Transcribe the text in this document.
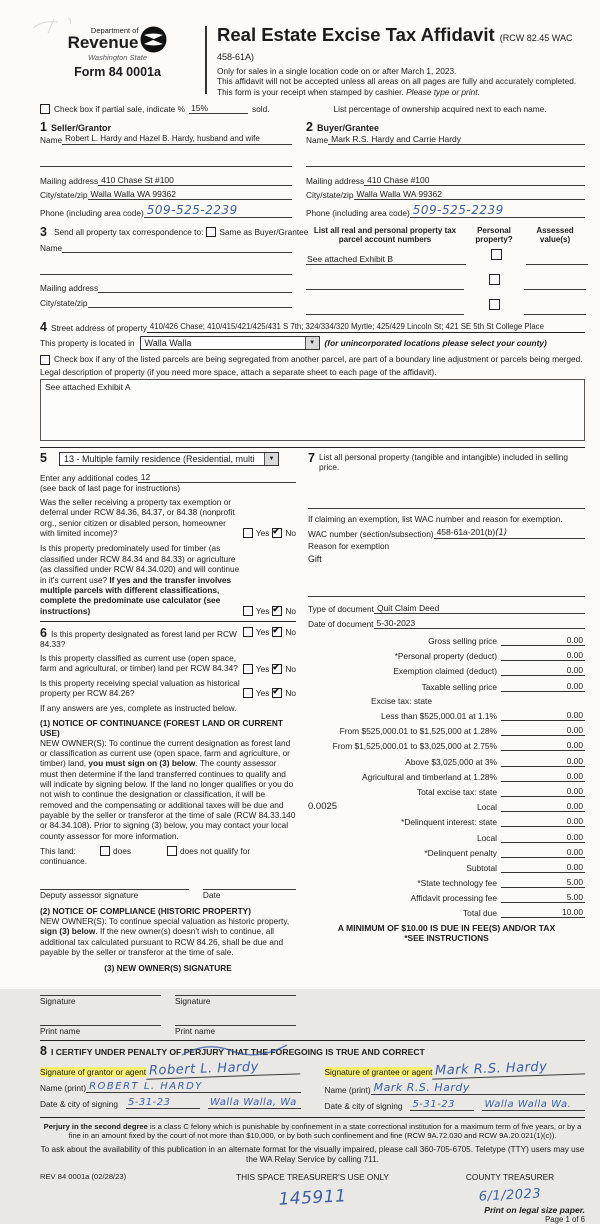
Department of
Revenue
Washington State
Form 84 0001a
Real Estate Excise Tax Affidavit (RCW 82.45 WAC 458-61A)
Only for sales in a single location code on or after March 1, 2023.
This affidavit will not be accepted unless all areas on all pages are fully and accurately completed.
This form is your receipt when stamped by cashier. Please type or print.
Check box if partial sale, indicate % 15%	sold.	List percentage of ownership acquired next to each name.
1 Seller/Grantor
Name Robert L. Hardy and Hazel B. Hardy, husband and wife
Mailing address 410 Chase St #100
City/state/zip Walla Walla WA 99362
Phone (including area code) 509-525-2239
2 Buyer/Grantee
Name Mark R.S. Hardy and Carrie Hardy
Mailing address 410 Chase #100
City/state/zip Walla Walla WA 99362
Phone (including area code) 509-525-2239
3 Send all property tax correspondence to: Same as Buyer/Grantee
Name
Mailing address
City/state/zip
List all real and personal property tax parcel account numbers
Personal property?
Assessed value(s)
See attached Exhibit B
4 Street address of property 410/426 Chase; 410/415/421/425/431 S 7th; 324/334/320 Myrtle; 425/429 Lincoln St; 421 SE 5th St College Place
This property is located in	Walla Walla	▼	(for unincorporated locations please select your county)
Check box if any of the listed parcels are being segregated from another parcel, are part of a boundary line adjustment or parcels being merged.
Legal description of property (if you need more space, attach a separate sheet to each page of the affidavit).
See attached Exhibit A
5	13 - Multiple family residence (Residential, multi	▼
Enter any additional codes 12
(see back of last page for instructions)
Was the seller receiving a property tax exemption or deferral under RCW 84.36, 84.37, or 84.38 (nonprofit org., senior citizen or disabled person, homeowner with limited income)?	Yes ✔ No
Is this property predominately used for timber (as classified under RCW 84.34 and 84.33) or agriculture (as classified under RCW 84.34.020) and will continue in it's current use? If yes and the transfer involves multiple parcels with different classifications, complete the predominate use calculator (see instructions)	Yes ✔ No
6 Is this property designated as forest land per RCW 84.33?
Yes ✔ No
Is this property classified as current use (open space, farm and agricultural, or timber) land per RCW 84.34?	Yes ✔ No
Is this property receiving special valuation as historical property per RCW 84.26?	Yes ✔ No
If any answers are yes, complete as instructed below.
(1) NOTICE OF CONTINUANCE (FOREST LAND OR CURRENT USE)
NEW OWNER(S): To continue the current designation as forest land or classification as current use (open space, farm and agriculture, or timber) land, you must sign on (3) below. The county assessor must then determine if the land transferred continues to qualify and will indicate by signing below. If the land no longer qualifies or you do not wish to continue the designation or classification, it will be removed and the compensating or additional taxes will be due and payable by the seller or transferor at the time of sale (RCW 84.33.140 or 84.34.108). Prior to signing (3) below, you may contact your local county assessor for more information.
This land:	does	does not qualify for
continuance.
Deputy assessor signature	Date
(2) NOTICE OF COMPLIANCE (HISTORIC PROPERTY)
NEW OWNER(S): To continue special valuation as historic property, sign (3) below. If the new owner(s) doesn't wish to continue, all additional tax calculated pursuant to RCW 84.26, shall be due and payable by the seller or transferor at the time of sale.
(3) NEW OWNER(S) SIGNATURE
Signature	Signature
Print name	Print name
7 List all personal property (tangible and intangible) included in selling price.
If claiming an exemption, list WAC number and reason for exemption.
WAC number (section/subsection) 458-61a-201(b)(1)
Reason for exemption
Gift
Type of document Quit Claim Deed
Date of document 5-30-2023
Gross selling price	0.00
*Personal property (deduct)	0.00
Exemption claimed (deduct)	0.00
Taxable selling price	0.00
Excise tax: state
Less than $525,000.01 at 1.1%	0.00
From $525,000.01 to $1,525,000 at 1.28%	0.00
From $1,525,000.01 to $3,025,000 at 2.75%	0.00
Above $3,025,000 at 3%	0.00
Agricultural and timberland at 1.28%	0.00
Total excise tax: state	0.00
0.0025	Local	0.00
*Delinquent interest: state	0.00
Local	0.00
*Delinquent penalty	0.00
Subtotal	0.00
*State technology fee	5.00
Affidavit processing fee	5.00
Total due	10.00
A MINIMUM OF $10.00 IS DUE IN FEE(S) AND/OR TAX
*SEE INSTRUCTIONS
8 I CERTIFY UNDER PENALTY OF PERJURY THAT THE FOREGOING IS TRUE AND CORRECT
Signature of grantor or agent Robert L. Hardy
Name (print) ROBERT L. HARDY
Date & city of signing 5-31-23	Walla Walla, Wa
Signature of grantee or agent Mark R.S. Hardy
Name (print) Mark R.S. Hardy
Date & city of signing 5-31-23	Walla Walla Wa.
Perjury in the second degree is a class C felony which is punishable by confinement in a state correctional institution for a maximum term of five years, or by a fine in an amount fixed by the court of not more than $10,000, or by both such confinement and fine (RCW 9A.72.030 and RCW 9A.20.021(1)(c)).
To ask about the availability of this publication in an alternate format for the visually impaired, please call 360-705-6705. Teletype (TTY) users may use the WA Relay Service by calling 711.
REV 84 0001a (02/28/23)	THIS SPACE TREASURER'S USE ONLY	COUNTY TREASURER
145911	6/1/2023
Print on legal size paper.
Page 1 of 6
